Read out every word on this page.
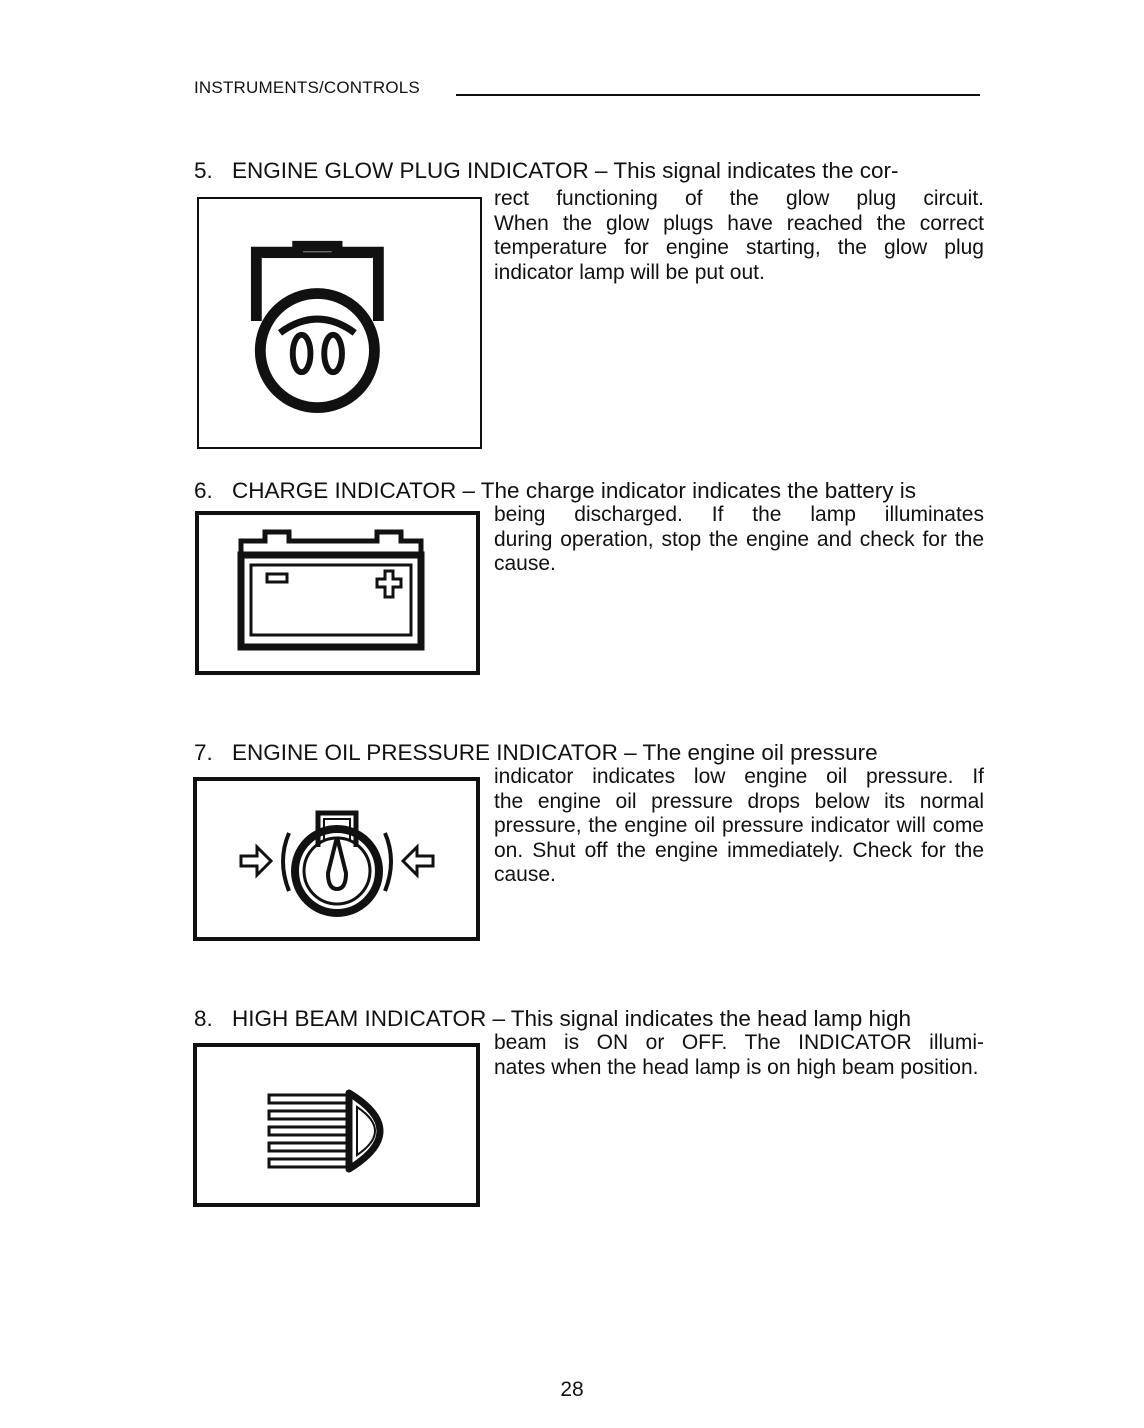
INSTRUMENTS/CONTROLS
5. ENGINE GLOW PLUG INDICATOR – This signal indicates the cor-
rect functioning of the glow plug circuit.
When the glow plugs have reached the correct temperature for engine starting, the glow plug indicator lamp will be put out.
6. CHARGE INDICATOR – The charge indicator indicates the battery is
being discharged. If the lamp illuminates
during operation, stop the engine and check for the cause.
7. ENGINE OIL PRESSURE INDICATOR – The engine oil pressure
indicator indicates low engine oil pressure. If
the engine oil pressure drops below its normal pressure, the engine oil pressure indicator will come on. Shut off the engine immediately. Check for the cause.
8. HIGH BEAM INDICATOR – This signal indicates the head lamp high
beam is ON or OFF. The INDICATOR illumi-
nates when the head lamp is on high beam position.
28
